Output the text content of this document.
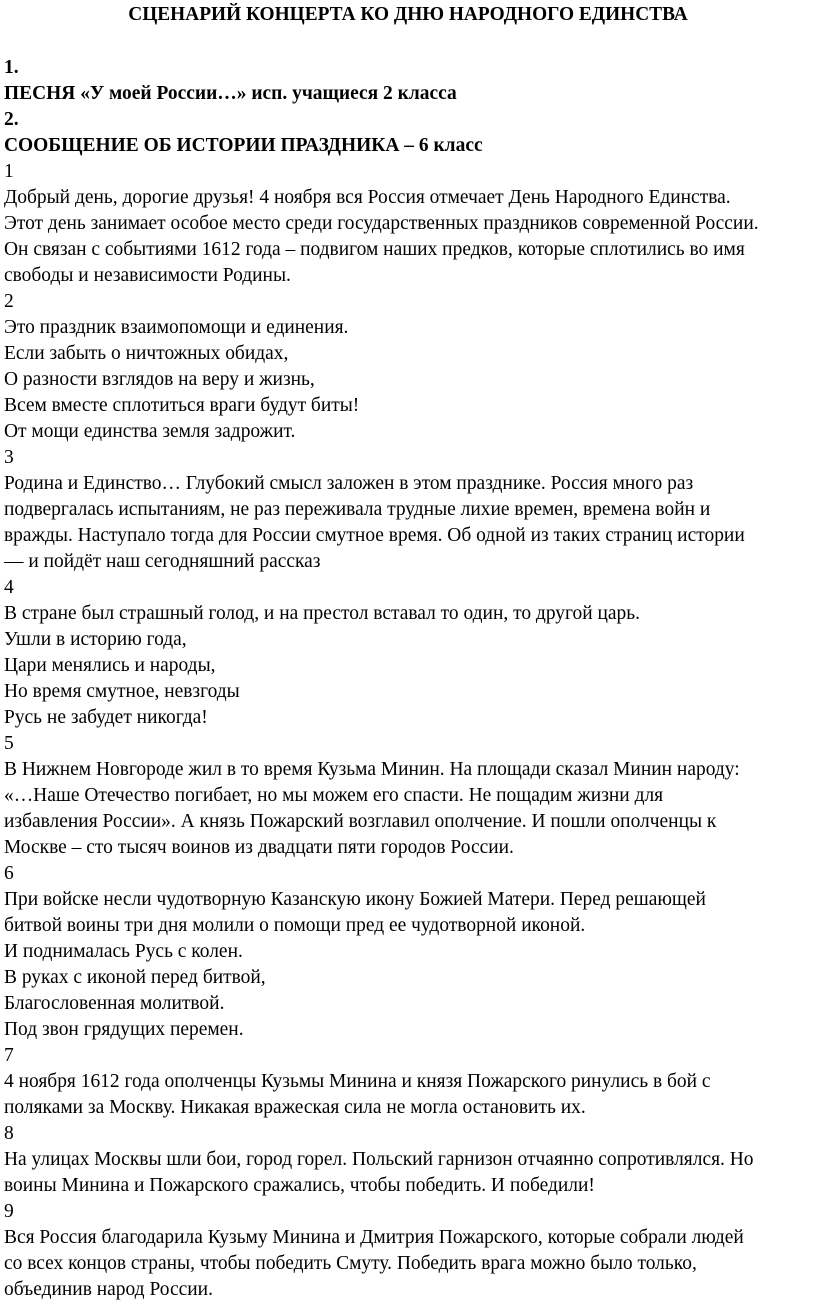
СЦЕНАРИЙ КОНЦЕРТА КО ДНЮ НАРОДНОГО ЕДИНСТВА
1.
ПЕСНЯ «У моей России…» исп. учащиеся 2 класса
2.
СООБЩЕНИЕ ОБ ИСТОРИИ ПРАЗДНИКА – 6 класс
1
Добрый день, дорогие друзья! 4 ноября вся Россия отмечает День Народного Единства.
Этот день занимает особое место среди государственных праздников современной России.
Он связан с событиями 1612 года – подвигом наших предков, которые сплотились во имя
свободы и независимости Родины.
2
Это праздник взаимопомощи и единения.
Если забыть о ничтожных обидах,
О разности взглядов на веру и жизнь,
Всем вместе сплотиться враги будут биты!
От мощи единства земля задрожит.
3
Родина и Единство… Глубокий смысл заложен в этом празднике. Россия много раз
подвергалась испытаниям, не раз переживала трудные лихие времен, времена войн и
вражды. Наступало тогда для России смутное время. Об одной из таких страниц истории
— и пойдёт наш сегодняшний рассказ
4
В стране был страшный голод, и на престол вставал то один, то другой царь.
Ушли в историю года,
Цари менялись и народы,
Но время смутное, невзгоды
Русь не забудет никогда!
5
В Нижнем Новгороде жил в то время Кузьма Минин. На площади сказал Минин народу:
«…Наше Отечество погибает, но мы можем его спасти. Не пощадим жизни для
избавления России». А князь Пожарский возглавил ополчение. И пошли ополченцы к
Москве – сто тысяч воинов из двадцати пяти городов России.
6
При войске несли чудотворную Казанскую икону Божией Матери. Перед решающей
битвой воины три дня молили о помощи пред ее чудотворной иконой.
И поднималась Русь с колен.
В руках с иконой перед битвой,
Благословенная молитвой.
Под звон грядущих перемен.
7
4 ноября 1612 года ополченцы Кузьмы Минина и князя Пожарского ринулись в бой с
поляками за Москву. Никакая вражеская сила не могла остановить их.
8
На улицах Москвы шли бои, город горел. Польский гарнизон отчаянно сопротивлялся. Но
воины Минина и Пожарского сражались, чтобы победить. И победили!
9
Вся Россия благодарила Кузьму Минина и Дмитрия Пожарского, которые собрали людей
со всех концов страны, чтобы победить Смуту. Победить врага можно было только,
объединив народ России.
